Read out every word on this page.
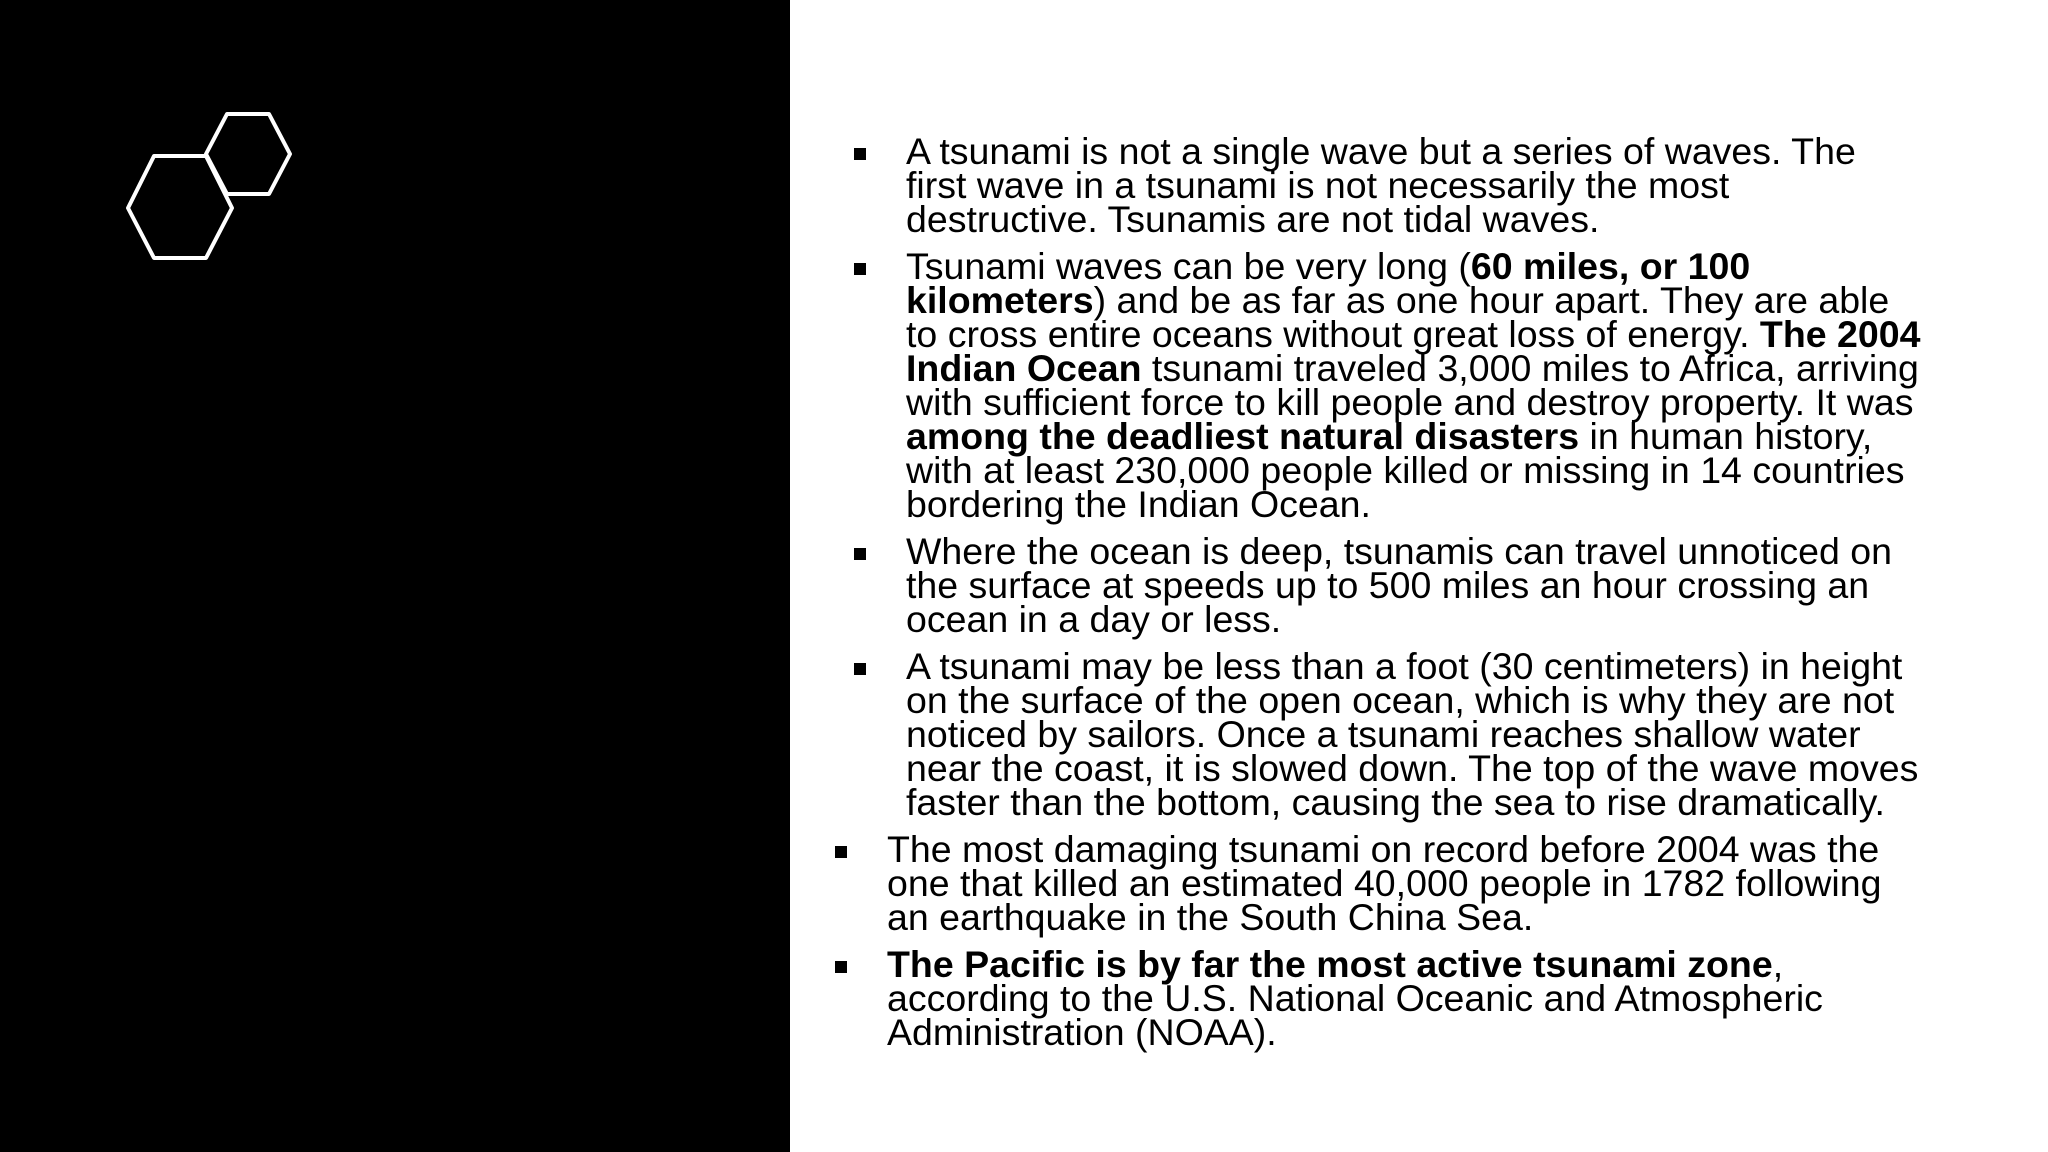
A tsunami is not a single wave but a series of waves. The
first wave in a tsunami is not necessarily the most
destructive. Tsunamis are not tidal waves.
Tsunami waves can be very long (60 miles, or 100
kilometers) and be as far as one hour apart. They are able
to cross entire oceans without great loss of energy. The 2004
Indian Ocean tsunami traveled 3,000 miles to Africa, arriving
with sufficient force to kill people and destroy property. It was
among the deadliest natural disasters in human history,
with at least 230,000 people killed or missing in 14 countries
bordering the Indian Ocean.
Where the ocean is deep, tsunamis can travel unnoticed on
the surface at speeds up to 500 miles an hour crossing an
ocean in a day or less.
A tsunami may be less than a foot (30 centimeters) in height
on the surface of the open ocean, which is why they are not
noticed by sailors. Once a tsunami reaches shallow water
near the coast, it is slowed down. The top of the wave moves
faster than the bottom, causing the sea to rise dramatically.
The most damaging tsunami on record before 2004 was the
one that killed an estimated 40,000 people in 1782 following
an earthquake in the South China Sea.
The Pacific is by far the most active tsunami zone,
according to the U.S. National Oceanic and Atmospheric
Administration (NOAA).
